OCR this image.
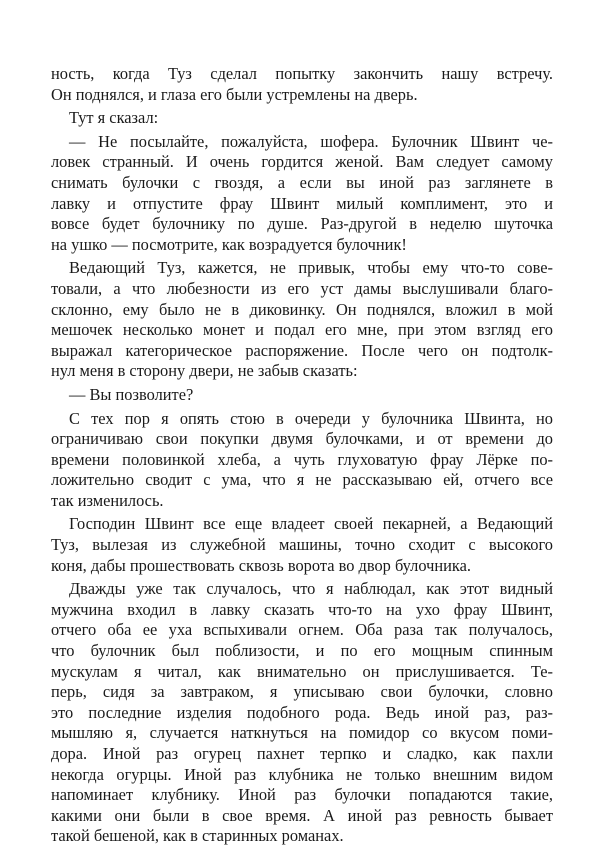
ность, когда Туз сделал попытку закончить нашу встречу.
Он поднялся, и глаза его были устремлены на дверь.
Тут я сказал:
— Не посылайте, пожалуйста, шофера. Булочник Швинт че-
ловек странный. И очень гордится женой. Вам следует самому
снимать булочки с гвоздя, а если вы иной раз заглянете в
лавку и отпустите фрау Швинт милый комплимент, это и
вовсе будет булочнику по душе. Раз-другой в неделю шуточка
на ушко — посмотрите, как возрадуется булочник!
Ведающий Туз, кажется, не привык, чтобы ему что-то сове-
товали, а что любезности из его уст дамы выслушивали благо-
склонно, ему было не в диковинку. Он поднялся, вложил в мой
мешочек несколько монет и подал его мне, при этом взгляд его
выражал категорическое распоряжение. После чего он подтолк-
нул меня в сторону двери, не забыв сказать:
— Вы позволите?
С тех пор я опять стою в очереди у булочника Швинта, но
ограничиваю свои покупки двумя булочками, и от времени до
времени половинкой хлеба, а чуть глуховатую фрау Лёрке по-
ложительно сводит с ума, что я не рассказываю ей, отчего все
так изменилось.
Господин Швинт все еще владеет своей пекарней, а Ведающий
Туз, вылезая из служебной машины, точно сходит с высокого
коня, дабы прошествовать сквозь ворота во двор булочника.
Дважды уже так случалось, что я наблюдал, как этот видный
мужчина входил в лавку сказать что-то на ухо фрау Швинт,
отчего оба ее уха вспыхивали огнем. Оба раза так получалось,
что булочник был поблизости, и по его мощным спинным
мускулам я читал, как внимательно он прислушивается. Те-
перь, сидя за завтраком, я уписываю свои булочки, словно
это последние изделия подобного рода. Ведь иной раз, раз-
мышляю я, случается наткнуться на помидор со вкусом поми-
дора. Иной раз огурец пахнет терпко и сладко, как пахли
некогда огурцы. Иной раз клубника не только внешним видом
напоминает клубнику. Иной раз булочки попадаются такие,
какими они были в свое время. А иной раз ревность бывает
такой бешеной, как в старинных романах.
